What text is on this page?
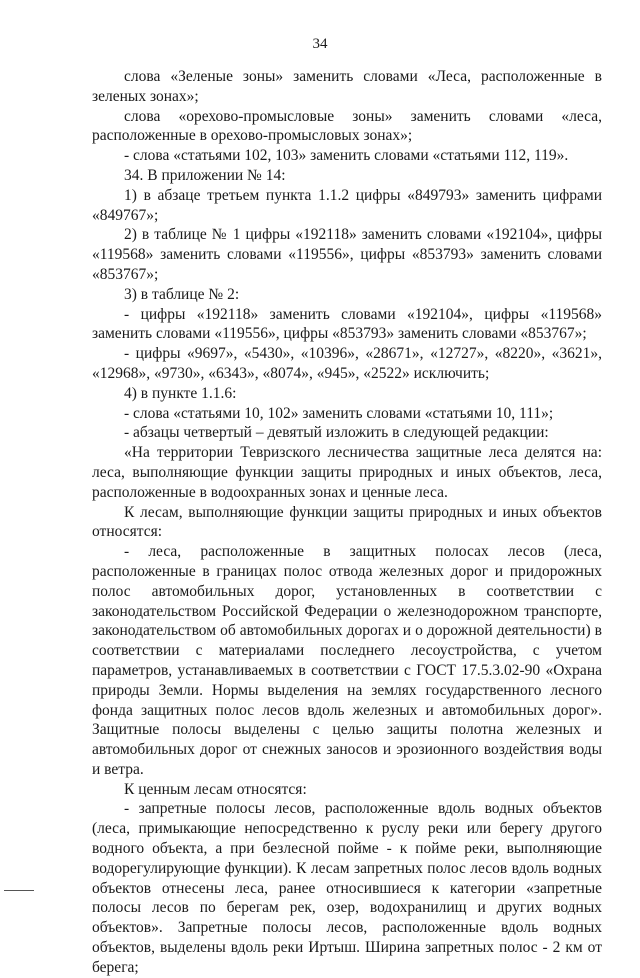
34

слова «Зеленые зоны» заменить словами «Леса, расположенные в зеленых зонах»;

слова «орехово-промысловые зоны» заменить словами «леса, расположенные в орехово-промысловых зонах»;

- слова «статьями 102, 103» заменить словами «статьями 112, 119».

34. В приложении № 14:

1) в абзаце третьем пункта 1.1.2 цифры «849793» заменить цифрами «849767»;

2) в таблице № 1 цифры «192118» заменить словами «192104», цифры «119568» заменить словами «119556», цифры «853793» заменить словами «853767»;

3) в таблице № 2:

- цифры «192118» заменить словами «192104», цифры «119568» заменить словами «119556», цифры «853793» заменить словами «853767»;

- цифры «9697», «5430», «10396», «28671», «12727», «8220», «3621», «12968», «9730», «6343», «8074», «945», «2522» исключить;

4) в пункте 1.1.6:

- слова «статьями 10, 102» заменить словами «статьями 10, 111»;

- абзацы четвертый – девятый изложить в следующей редакции:

«На территории Тевризского лесничества защитные леса делятся на: леса, выполняющие функции защиты природных и иных объектов, леса, расположенные в водоохранных зонах и ценные леса.

К лесам, выполняющие функции защиты природных и иных объектов относятся:

- леса, расположенные в защитных полосах лесов (леса, расположенные в границах полос отвода железных дорог и придорожных полос автомобильных дорог, установленных в соответствии с законодательством Российской Федерации о железнодорожном транспорте, законодательством об автомобильных дорогах и о дорожной деятельности) в соответствии с материалами последнего лесоустройства, с учетом параметров, устанавливаемых в соответствии с ГОСТ 17.5.3.02-90 «Охрана природы Земли. Нормы выделения на землях государственного лесного фонда защитных полос лесов вдоль железных и автомобильных дорог». Защитные полосы выделены с целью защиты полотна железных и автомобильных дорог от снежных заносов и эрозионного воздействия воды и ветра.

К ценным лесам относятся:

- запретные полосы лесов, расположенные вдоль водных объектов (леса, примыкающие непосредственно к руслу реки или берегу другого водного объекта, а при безлесной пойме - к пойме реки, выполняющие водорегулирующие функции). К лесам запретных полос лесов вдоль водных объектов отнесены леса, ранее относившиеся к категории «запретные полосы лесов по берегам рек, озер, водохранилищ и других водных объектов». Запретные полосы лесов, расположенные вдоль водных объектов, выделены вдоль реки Иртыш. Ширина запретных полос - 2 км от берега;
